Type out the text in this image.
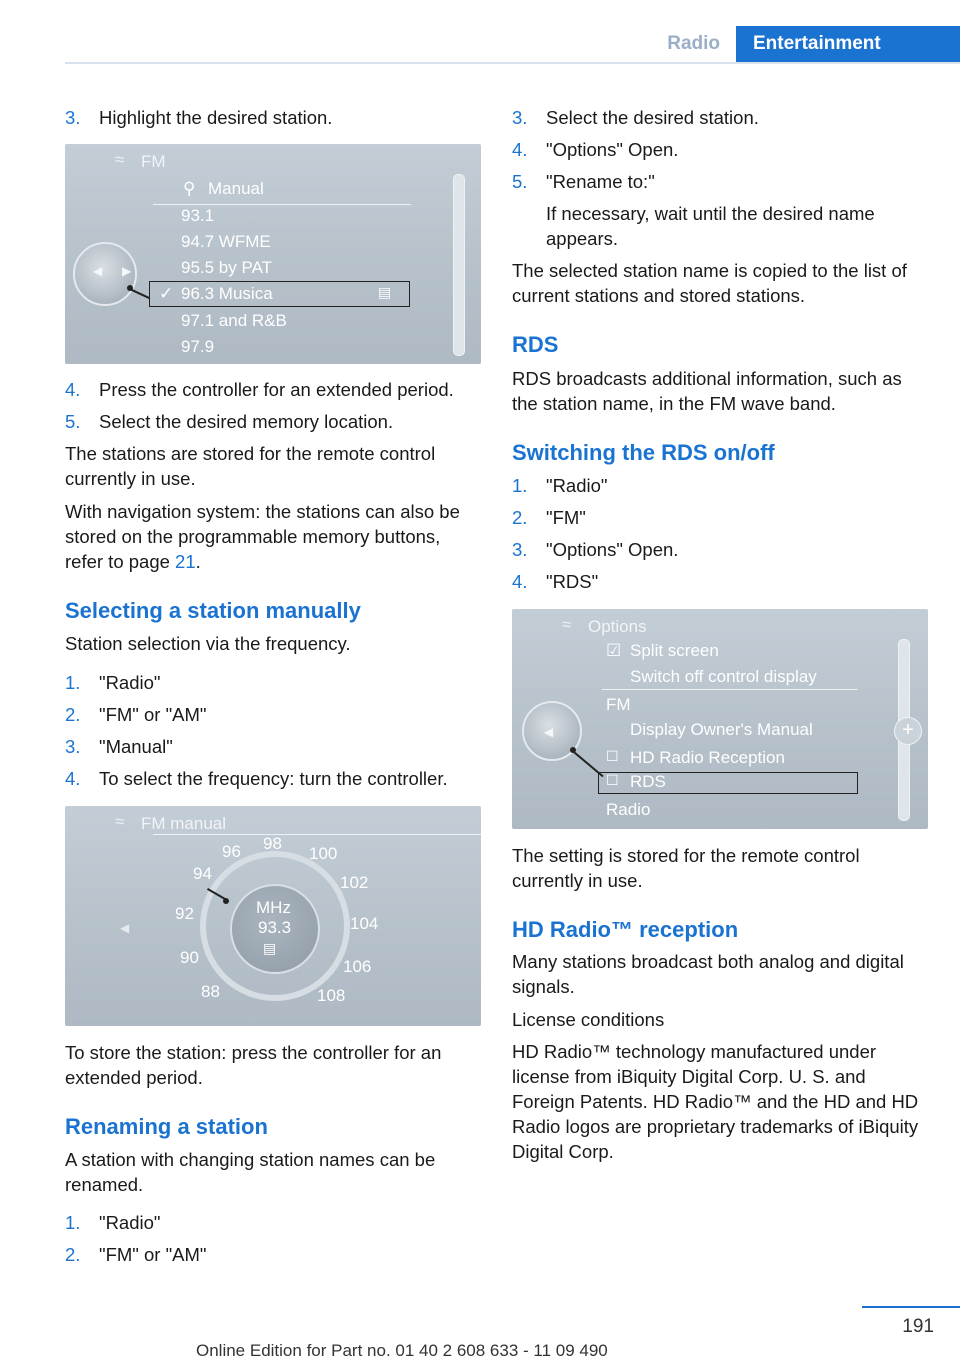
Radio	Entertainment
3.	Highlight the desired station.
≈ FM
⚲ Manual
93.1
94.7 WFME
95.5 by PAT
✓ 96.3 Musica	▤
97.1 and R&B
97.9
◀ ▶
4.	Press the controller for an extended period.
5.	Select the desired memory location.

The stations are stored for the remote control currently in use.

With navigation system: the stations can also be stored on the programmable memory buttons, refer to page 21.

Selecting a station manually

Station selection via the frequency.

1.	"Radio"
2.	"FM" or "AM"
3.	"Manual"
4.	To select the frequency: turn the controller.
≈ FM manual
◀
MHz
93.3
▤
96 98
100
94	102
92
104
90	106
88	108

To store the station: press the controller for an extended period.

Renaming a station

A station with changing station names can be renamed.

1.	"Radio"
2.	"FM" or "AM"
3.	Select the desired station.
4.	"Options" Open.
5.	"Rename to:"

If necessary, wait until the desired name appears.

The selected station name is copied to the list of current stations and stored stations.

RDS

RDS broadcasts additional information, such as the station name, in the FM wave band.

Switching the RDS on/off
1.	"Radio"
2.	"FM"
3.	"Options" Open.
4.	"RDS"
≈ Options
☑ Split screen
Switch off control display
FM
Display Owner's Manual
☐ HD Radio Reception
☐ RDS
Radio
◀	+

The setting is stored for the remote control currently in use.

HD Radio™ reception

Many stations broadcast both analog and digital signals.

License conditions

HD Radio™ technology manufactured under license from iBiquity Digital Corp. U. S. and Foreign Patents. HD Radio™ and the HD and HD Radio logos are proprietary trademarks of iBiquity Digital Corp.

191
Online Edition for Part no. 01 40 2 608 633 - 11 09 490
